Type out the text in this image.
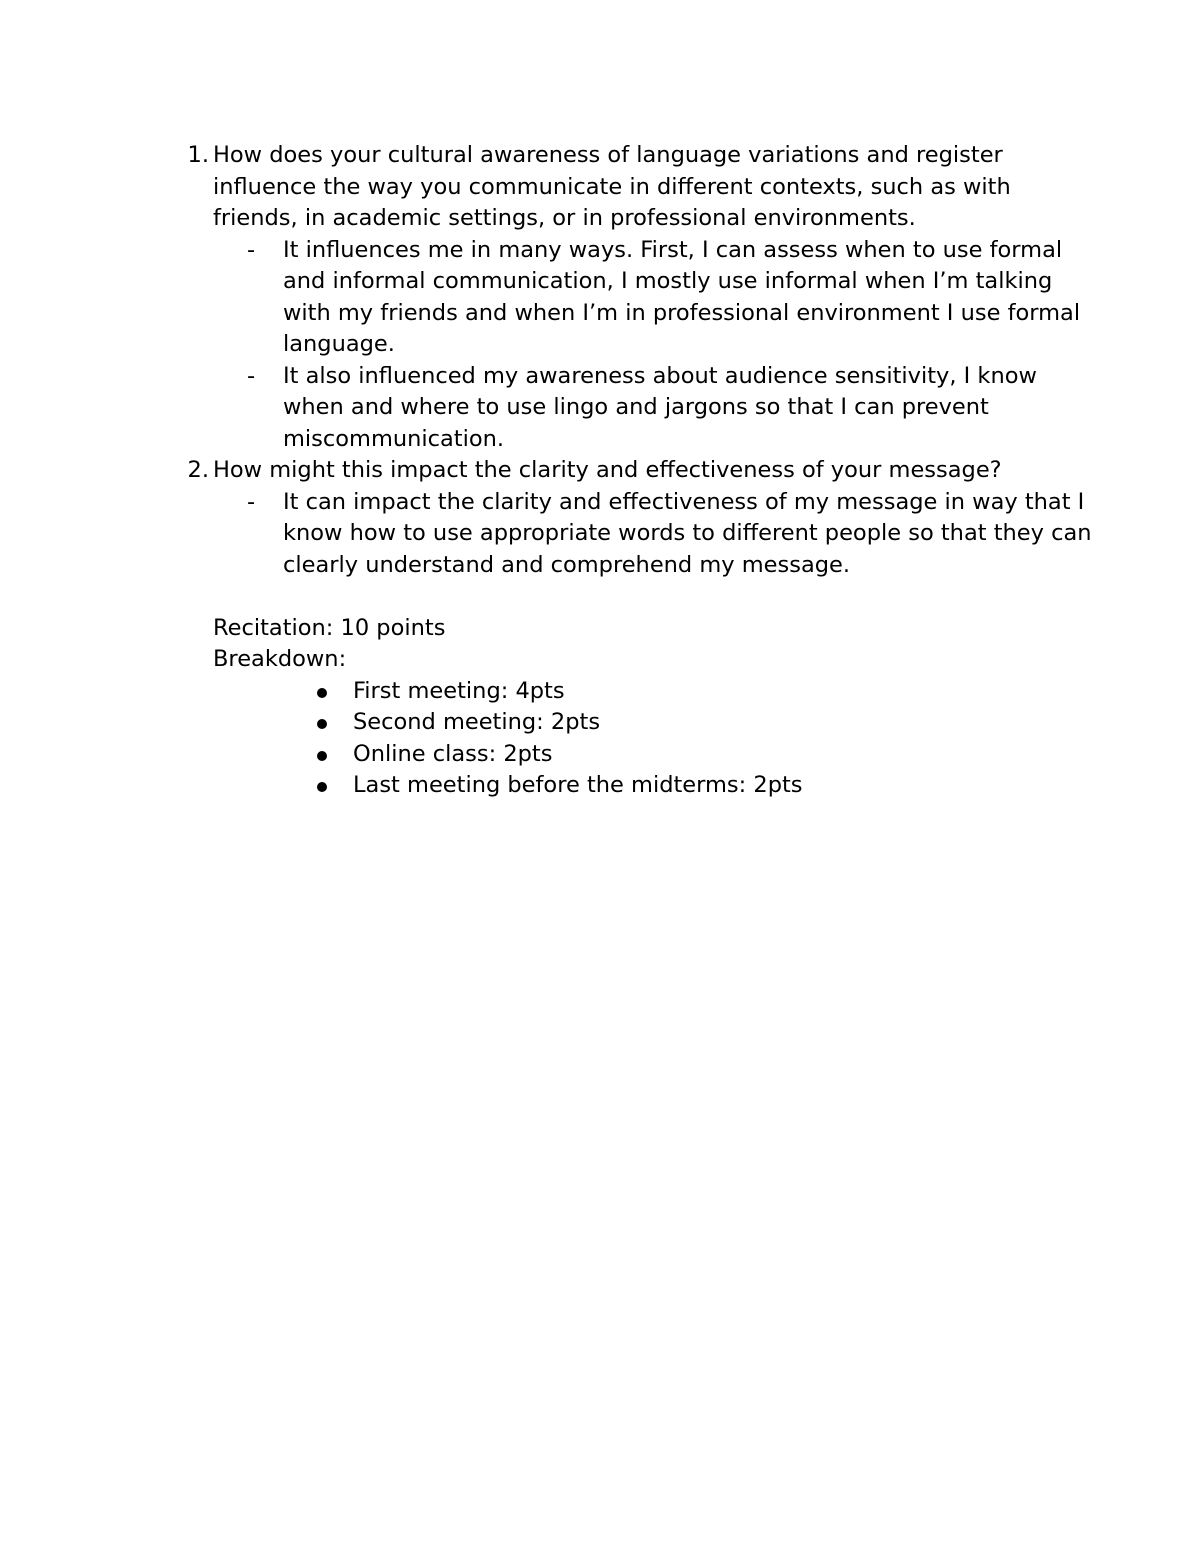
1. How does your cultural awareness of language variations and register influence the way you communicate in different contexts, such as with friends, in academic settings, or in professional environments.
- It influences me in many ways. First, I can assess when to use formal and informal communication, I mostly use informal when I’m talking with my friends and when I’m in professional environment I use formal language.
- It also influenced my awareness about audience sensitivity, I know when and where to use lingo and jargons so that I can prevent miscommunication.
2. How might this impact the clarity and effectiveness of your message?
- It can impact the clarity and effectiveness of my message in way that I know how to use appropriate words to different people so that they can clearly understand and comprehend my message.

Recitation: 10 points

Breakdown:

First meeting: 4pts
Second meeting: 2pts
Online class: 2pts
Last meeting before the midterms: 2pts
